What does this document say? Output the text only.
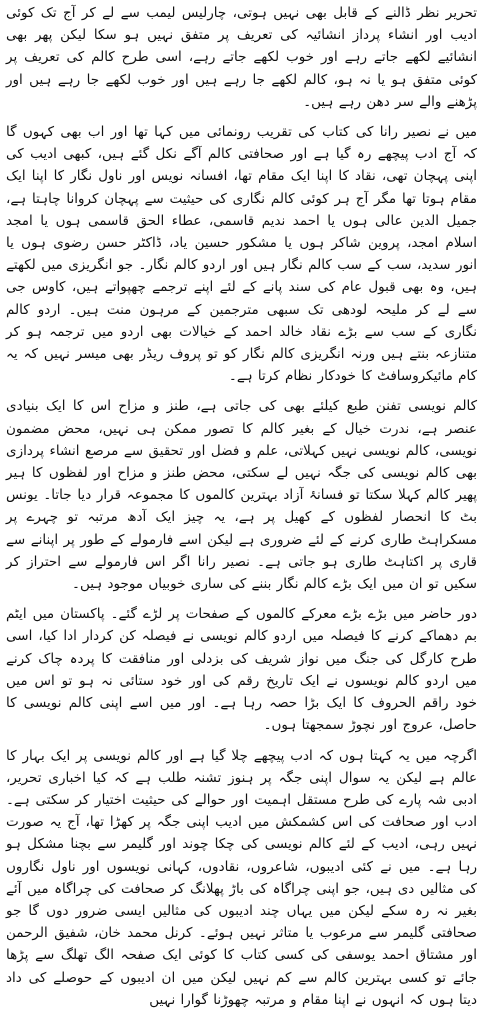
تحریر نظر ڈالنے کے قابل بھی نہیں ہوتی، چارلیس لیمب سے لے کر آج تک کوئی ادیب اور انشاء پرداز انشائیہ کی تعریف پر متفق نہیں ہو سکا لیکن پھر بھی انشائیے لکھے جاتے رہے اور خوب لکھے جاتے رہے، اسی طرح کالم کی تعریف پر کوئی متفق ہو یا نہ ہو، کالم لکھے جا رہے ہیں اور خوب لکھے جا رہے ہیں اور پڑھنے والے سر دھن رہے ہیں۔

میں نے نصیر رانا کی کتاب کی تقریب رونمائی میں کہا تھا اور اب بھی کہوں گا کہ آج ادب پیچھے رہ گیا ہے اور صحافتی کالم آگے نکل گئے ہیں، کبھی ادیب کی اپنی پہچان تھی، نقاد کا اپنا ایک مقام تھا، افسانہ نویس اور ناول نگار کا اپنا ایک مقام ہوتا تھا مگر آج ہر کوئی کالم نگاری کی حیثیت سے پہچان کروانا چاہتا ہے، جمیل الدین عالی ہوں یا احمد ندیم قاسمی، عطاء الحق قاسمی ہوں یا امجد اسلام امجد، پروین شاکر ہوں یا مشکور حسین یاد، ڈاکٹر حسن رضوی ہوں یا انور سدید، سب کے سب کالم نگار ہیں اور اردو کالم نگار۔ جو انگریزی میں لکھتے ہیں، وہ بھی قبول عام کی سند پانے کے لئے اپنے ترجمے چھپواتے ہیں، کاوس جی سے لے کر ملیحہ لودھی تک سبھی مترجمین کے مرہون منت ہیں۔ اردو کالم نگاری کے سب سے بڑے نقاد خالد احمد کے خیالات بھی اردو میں ترجمہ ہو کر متنازعہ بنتے ہیں ورنہ انگریزی کالم نگار کو تو پروف ریڈر بھی میسر نہیں کہ یہ کام مائیکروسافٹ کا خودکار نظام کرتا ہے۔

کالم نویسی تفنن طبع کیلئے بھی کی جاتی ہے، طنز و مزاح اس کا ایک بنیادی عنصر ہے، ندرت خیال کے بغیر کالم کا تصور ممکن ہی نہیں، محض مضمون نویسی، کالم نویسی نہیں کہلاتی، علم و فضل اور تحقیق سے مرصع انشاء پردازی بھی کالم نویسی کی جگہ نہیں لے سکتی، محض طنز و مزاح اور لفظوں کا ہیر پھیر کالم کہلا سکتا تو فسانۂ آزاد بہترین کالموں کا مجموعہ قرار دیا جاتا۔ یونس بٹ کا انحصار لفظوں کے کھیل پر ہے، یہ چیز ایک آدھ مرتبہ تو چہرے پر مسکراہٹ طاری کرنے کے لئے ضروری ہے لیکن اسے فارمولے کے طور پر اپنانے سے قاری پر اکتاہٹ طاری ہو جاتی ہے۔ نصیر رانا اگر اس فارمولے سے احتراز کر سکیں تو ان میں ایک بڑے کالم نگار بننے کی ساری خوبیاں موجود ہیں۔

دور حاضر میں بڑے بڑے معرکے کالموں کے صفحات پر لڑے گئے۔ پاکستان میں ایٹم بم دھماکے کرنے کا فیصلہ میں اردو کالم نویسی نے فیصلہ کن کردار ادا کیا، اسی طرح کارگل کی جنگ میں نواز شریف کی بزدلی اور منافقت کا پردہ چاک کرنے میں اردو کالم نویسوں نے ایک تاریخ رقم کی اور خود ستائی نہ ہو تو اس میں خود راقم الحروف کا ایک بڑا حصہ رہا ہے۔ اور میں اسے اپنی کالم نویسی کا حاصل، عروج اور نچوڑ سمجھتا ہوں۔

اگرچہ میں یہ کہتا ہوں کہ ادب پیچھے چلا گیا ہے اور کالم نویسی پر ایک بہار کا عالم ہے لیکن یہ سوال اپنی جگہ پر ہنوز تشنہ طلب ہے کہ کیا اخباری تحریر، ادبی شہ پارے کی طرح مستقل اہمیت اور حوالے کی حیثیت اختیار کر سکتی ہے۔ ادب اور صحافت کی اس کشمکش میں ادیب اپنی جگہ پر کھڑا تھا، آج یہ صورت نہیں رہی، ادیب کے لئے کالم نویسی کی چکا چوند اور گلیمر سے بچنا مشکل ہو رہا ہے۔ میں نے کئی ادیبوں، شاعروں، نقادوں، کہانی نویسوں اور ناول نگاروں کی مثالیں دی ہیں، جو اپنی چراگاہ کی باڑ پھلانگ کر صحافت کی چراگاہ میں آئے بغیر نہ رہ سکے لیکن میں یہاں چند ادیبوں کی مثالیں ایسی ضرور دوں گا جو صحافتی گلیمر سے مرعوب یا متاثر نہیں ہوئے۔ کرنل محمد خان، شفیق الرحمن اور مشتاق احمد یوسفی کی کسی کتاب کا کوئی ایک صفحہ الگ تھلگ سے پڑھا جائے تو کسی بہترین کالم سے کم نہیں لیکن میں ان ادیبوں کے حوصلے کی داد دیتا ہوں کہ انہوں نے اپنا مقام و مرتبہ چھوڑنا گوارا نہیں
